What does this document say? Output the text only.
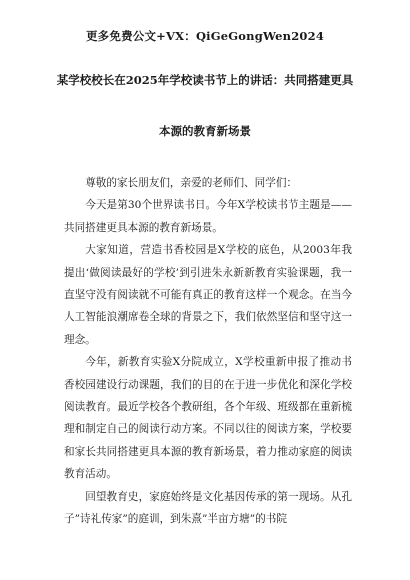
更多免费公文+VX：QiGeGongWen2024
某学校校长在2025年学校读书节上的讲话：共同搭建更具
本源的教育新场景

尊敬的家长朋友们，亲爱的老师们、同学们：

今天是第30个世界读书日。今年X学校读书节主题是——共同搭建更具本源的教育新场景。

大家知道，营造书香校园是X学校的底色，从2003年我提出‘做阅读最好的学校’到引进朱永新新教育实验课题，我一直坚守没有阅读就不可能有真正的教育这样一个观念。在当今人工智能浪潮席卷全球的背景之下，我们依然坚信和坚守这一理念。

今年，新教育实验X分院成立，X学校重新申报了推动书香校园建设行动课题，我们的目的在于进一步优化和深化学校阅读教育。最近学校各个教研组，各个年级、班级都在重新梳理和制定自己的阅读行动方案。不同以往的阅读方案，学校要和家长共同搭建更具本源的教育新场景，着力推动家庭的阅读教育活动。

回望教育史，家庭始终是文化基因传承的第一现场。从孔子”诗礼传家”的庭训，到朱熹”半亩方塘”的书院
